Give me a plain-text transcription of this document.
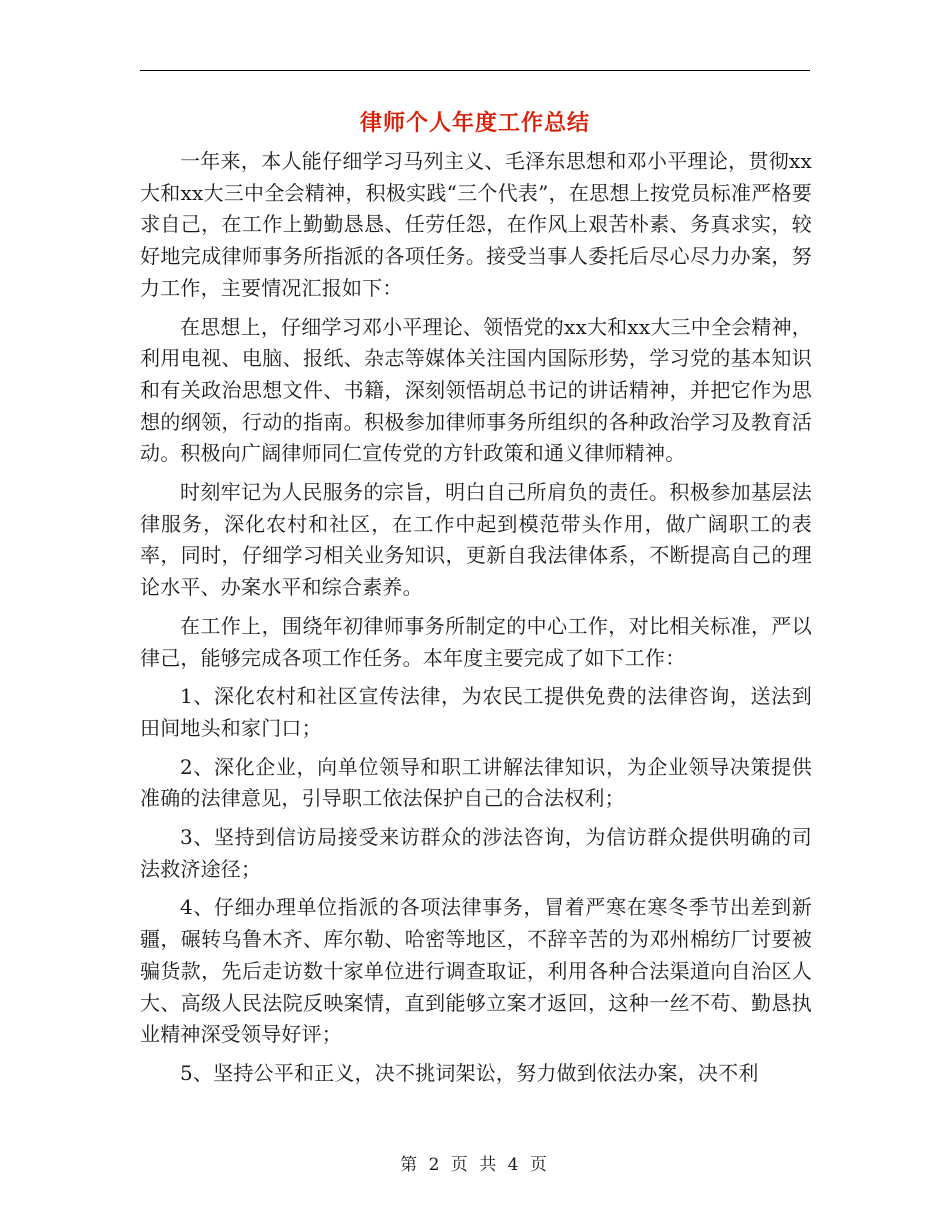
律师个人年度工作总结

一年来，本人能仔细学习马列主义、毛泽东思想和邓小平理论，贯彻xx大和xx大三中全会精神，积极实践“三个代表”，在思想上按党员标准严格要求自己，在工作上勤勤恳恳、任劳任怨，在作风上艰苦朴素、务真求实，较好地完成律师事务所指派的各项任务。接受当事人委托后尽心尽力办案，努力工作，主要情况汇报如下：

在思想上，仔细学习邓小平理论、领悟党的xx大和xx大三中全会精神，利用电视、电脑、报纸、杂志等媒体关注国内国际形势，学习党的基本知识和有关政治思想文件、书籍，深刻领悟胡总书记的讲话精神，并把它作为思想的纲领，行动的指南。积极参加律师事务所组织的各种政治学习及教育活动。积极向广阔律师同仁宣传党的方针政策和通义律师精神。

时刻牢记为人民服务的宗旨，明白自己所肩负的责任。积极参加基层法律服务，深化农村和社区，在工作中起到模范带头作用，做广阔职工的表率，同时，仔细学习相关业务知识，更新自我法律体系，不断提高自己的理论水平、办案水平和综合素养。

在工作上，围绕年初律师事务所制定的中心工作，对比相关标准，严以律己，能够完成各项工作任务。本年度主要完成了如下工作：

1、深化农村和社区宣传法律，为农民工提供免费的法律咨询，送法到田间地头和家门口；

2、深化企业，向单位领导和职工讲解法律知识，为企业领导决策提供准确的法律意见，引导职工依法保护自己的合法权利；

3、坚持到信访局接受来访群众的涉法咨询，为信访群众提供明确的司法救济途径；

4、仔细办理单位指派的各项法律事务，冒着严寒在寒冬季节出差到新疆，碾转乌鲁木齐、库尔勒、哈密等地区，不辞辛苦的为邓州棉纺厂讨要被骗货款，先后走访数十家单位进行调查取证，利用各种合法渠道向自治区人大、高级人民法院反映案情，直到能够立案才返回，这种一丝不苟、勤恳执业精神深受领导好评；

5、坚持公平和正义，决不挑词架讼，努力做到依法办案，决不利

第 2 页 共 4 页
